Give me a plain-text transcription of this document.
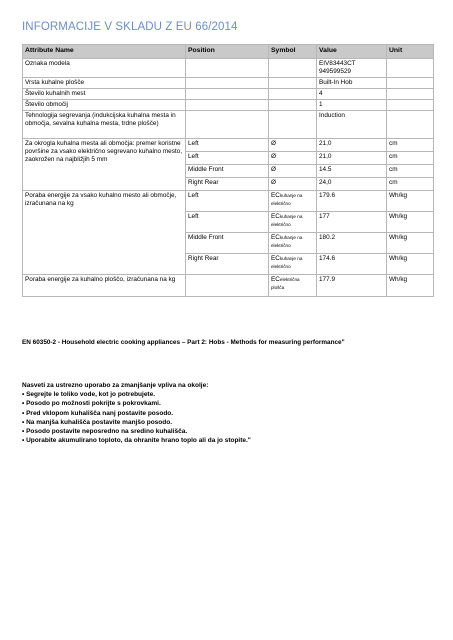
INFORMACIJE V SKLADU Z EU 66/2014
Attribute Name	Position	Symbol	Value	Unit
Oznaka modela			EIV83443CT
949599529	

Vrsta kuhalne plošče			Built-In Hob	
Število kuhalnih mest			4	
Število območij			1	
Tehnologija segrevanja (indukcijska kuhalna mesta in območja, sevalna kuhalna mesta, trdne plošče)			Induction	
Za okrogla kuhalna mesta ali območja: premer koristne površine za vsako električno segrevano kuhalno mesto, zaokrožen na najbližjih 5 mm	Left	Ø	21,0	cm
	Left	Ø	21,0	cm
	Middle Front	Ø	14.5	cm
	Right Rear	Ø	24,0	cm
Poraba energije za vsako kuhalno mesto ali območje, izračunana na kg	Left	ECkuhanje na električno	179.6	Wh/kg
	Left	ECkuhanje na električno	177	Wh/kg
	Middle Front	ECkuhanje na električno	180.2	Wh/kg
	Right Rear	ECkuhanje na električno	174.6	Wh/kg
Poraba energije za kuhalno ploščo, izračunana na kg		ECelektrična plošča	177.9	Wh/kg
EN 60350-2 - Household electric cooking appliances – Part 2: Hobs - Methods for measuring performance"
Nasveti za ustrezno uporabo za zmanjšanje vpliva na okolje:
• Segrejte le toliko vode, kot jo potrebujete.
• Posodo po možnosti pokrijte s pokrovkami.
• Pred vklopom kuhališča nanj postavite posodo.
• Na manjša kuhališča postavite manjšo posodo.
• Posodo postavite neposredno na sredino kuhališča.
• Uporabite akumulirano toploto, da ohranite hrano toplo ali da jo stopite."
